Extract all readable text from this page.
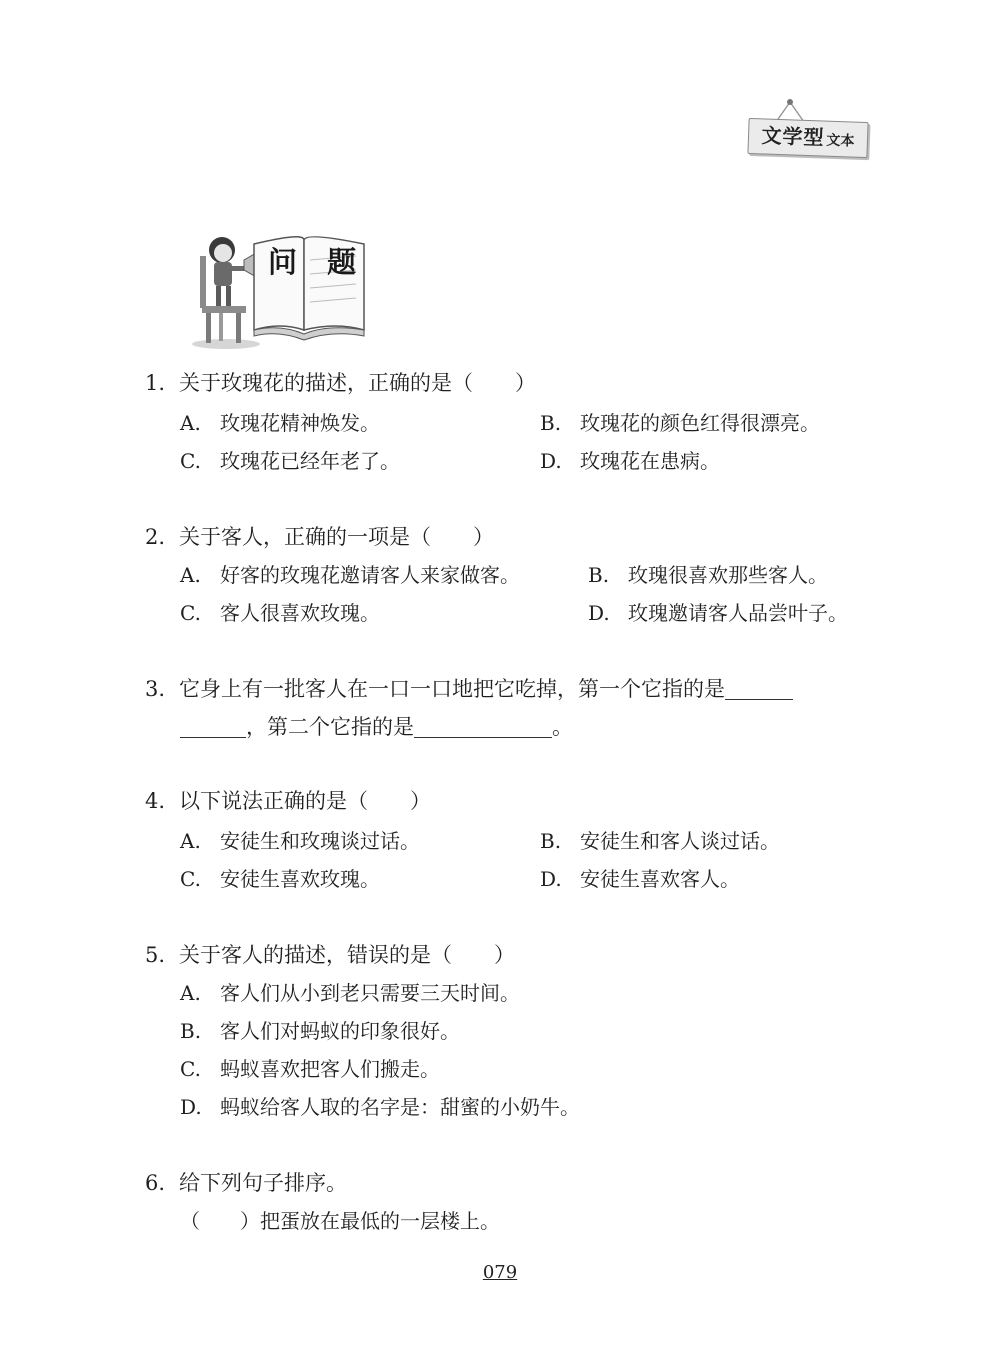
文学型 文本
问 题
1. 关于玫瑰花的描述，正确的是（　　）
A. 玫瑰花精神焕发。	B. 玫瑰花的颜色红得很漂亮。
C. 玫瑰花已经年老了。	D. 玫瑰花在患病。
2. 关于客人，正确的一项是（　　）
A. 好客的玫瑰花邀请客人来家做客。	B. 玫瑰很喜欢那些客人。
C. 客人很喜欢玫瑰。	D. 玫瑰邀请客人品尝叶子。
3. 它身上有一批客人在一口一口地把它吃掉，第一个它指的是
，第二个它指的是	。
4. 以下说法正确的是（　　）
A. 安徒生和玫瑰谈过话。	B. 安徒生和客人谈过话。
C. 安徒生喜欢玫瑰。	D. 安徒生喜欢客人。
5. 关于客人的描述，错误的是（　　）
A. 客人们从小到老只需要三天时间。
B. 客人们对蚂蚁的印象很好。
C. 蚂蚁喜欢把客人们搬走。
D. 蚂蚁给客人取的名字是：甜蜜的小奶牛。
6. 给下列句子排序。
（　　）把蛋放在最低的一层楼上。
079
